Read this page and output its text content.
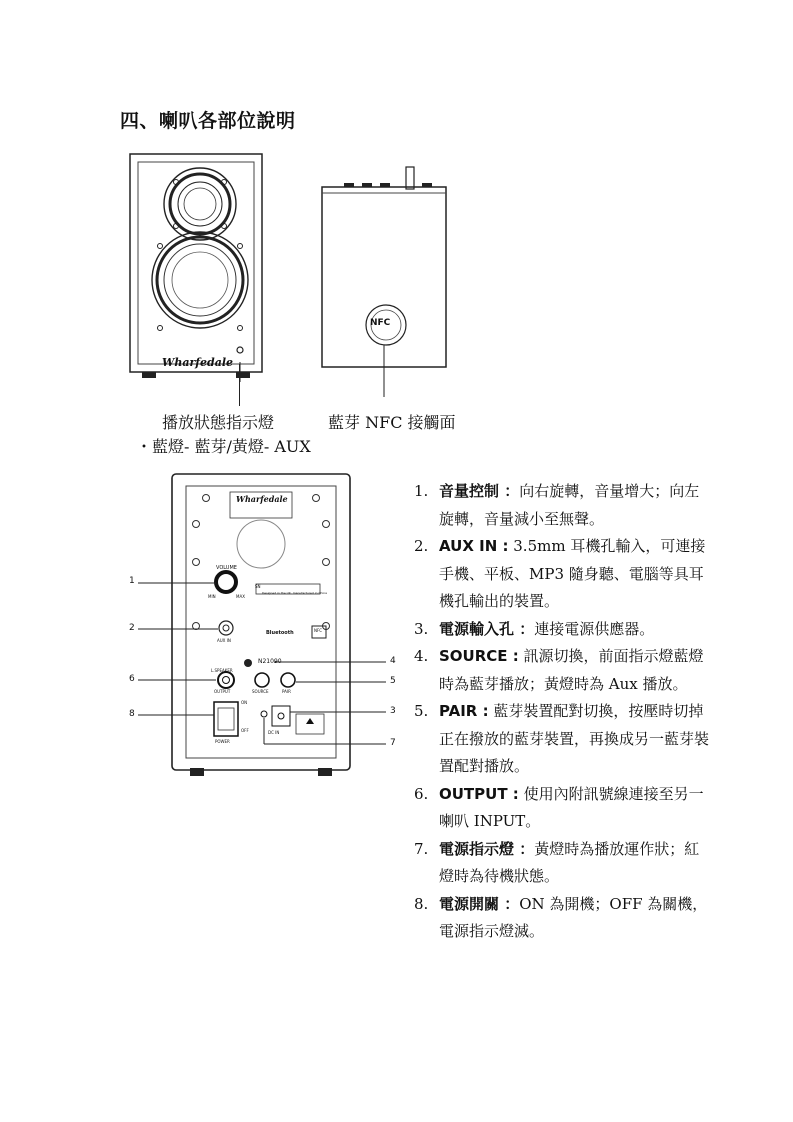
四、喇叭各部位說明
Wharfedale
NFC
播放狀態指示燈	藍芽 NFC 接觸面
・藍燈- 藍芽/黃燈- AUX
Wharfedale
VOLUME
MIN	MAX
SN
Designed in the UK, manufactured in China
AUX IN
Bluetooth	NFC
N21090
L.SPEAKER
OUTPUT	SOURCE	PAIR
ON
OFF
POWER
DC IN
1
2
6
8
4
5
3
7
1. 音量控制 ：向右旋轉，音量增大；向左旋轉，音量減小至無聲。
2. AUX IN : 3.5mm 耳機孔輸入，可連接手機、平板、MP3 隨身聽、電腦等具耳機孔輸出的裝置。
3. 電源輸入孔 ：連接電源供應器。
4. SOURCE : 訊源切換，前面指示燈藍燈時為藍芽播放；黃燈時為 Aux 播放。
5. PAIR : 藍芽裝置配對切換，按壓時切掉正在撥放的藍芽裝置，再換成另一藍芽裝置配對播放。
6. OUTPUT : 使用內附訊號線連接至另一喇叭 INPUT。
7. 電源指示燈 ：黃燈時為播放運作狀；紅燈時為待機狀態。
8. 電源開關 ：ON 為開機；OFF 為關機，電源指示燈滅。
